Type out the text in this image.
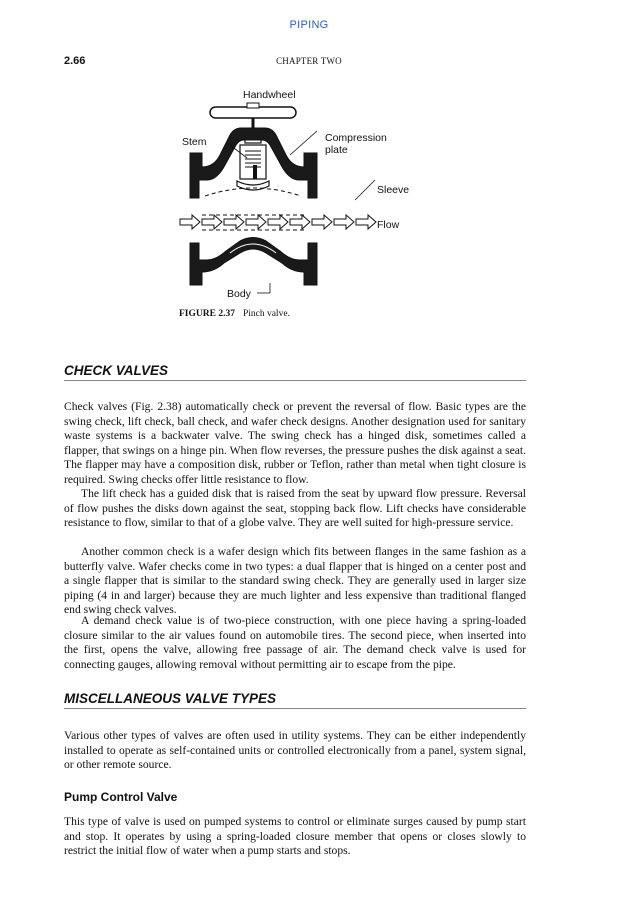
PIPING
2.66	CHAPTER TWO
Handwheel
Stem	Compression
plate
Sleeve
Flow
Body
FIGURE 2.37 Pinch valve.
CHECK VALVES

Check valves (Fig. 2.38) automatically check or prevent the reversal of flow. Basic types are the swing check, lift check, ball check, and wafer check designs. Another designation used for sanitary waste systems is a backwater valve. The swing check has a hinged disk, sometimes called a flapper, that swings on a hinge pin. When flow reverses, the pressure pushes the disk against a seat. The flapper may have a composition disk, rubber or Teflon, rather than metal when tight closure is required. Swing checks offer little resistance to flow.

The lift check has a guided disk that is raised from the seat by upward flow pressure. Reversal of flow pushes the disks down against the seat, stopping back flow. Lift checks have considerable resistance to flow, similar to that of a globe valve. They are well suited for high-pressure service.

Another common check is a wafer design which fits between flanges in the same fashion as a butterfly valve. Wafer checks come in two types: a dual flapper that is hinged on a center post and a single flapper that is similar to the standard swing check. They are generally used in larger size piping (4 in and larger) because they are much lighter and less expensive than traditional flanged end swing check valves.

A demand check value is of two-piece construction, with one piece having a spring-loaded closure similar to the air values found on automobile tires. The second piece, when inserted into the first, opens the valve, allowing free passage of air. The demand check valve is used for connecting gauges, allowing removal without permitting air to escape from the pipe.

MISCELLANEOUS VALVE TYPES

Various other types of valves are often used in utility systems. They can be either independently installed to operate as self-contained units or controlled electronically from a panel, system signal, or other remote source.

Pump Control Valve

This type of valve is used on pumped systems to control or eliminate surges caused by pump start and stop. It operates by using a spring-loaded closure member that opens or closes slowly to restrict the initial flow of water when a pump starts and stops.
